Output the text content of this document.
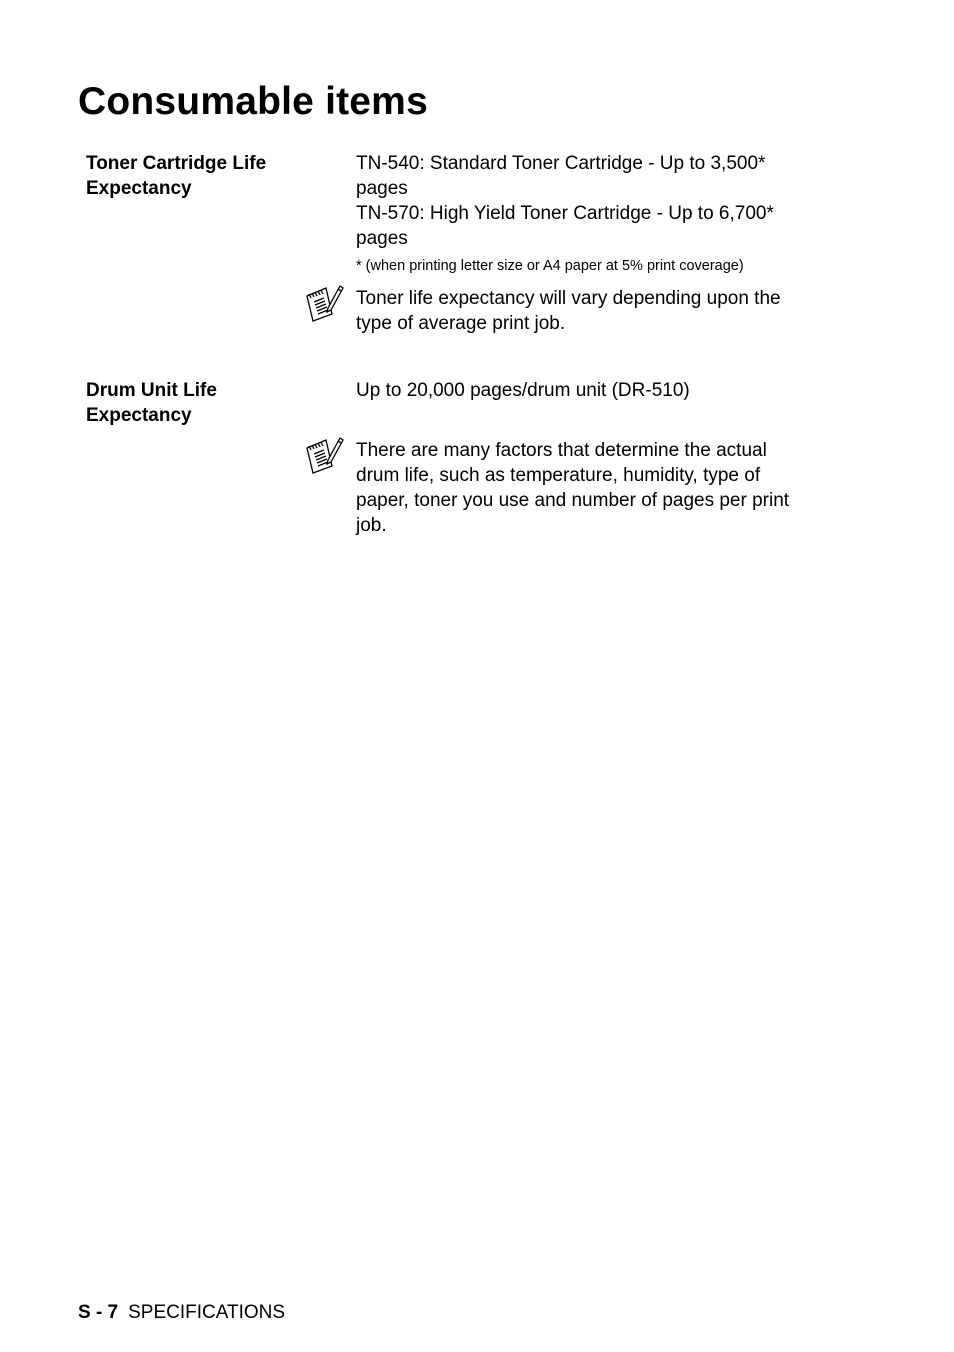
Consumable items
Toner Cartridge Life
Expectancy
TN-540: Standard Toner Cartridge - Up to 3,500*
pages
TN-570: High Yield Toner Cartridge - Up to 6,700*
pages
* (when printing letter size or A4 paper at 5% print coverage)
Toner life expectancy will vary depending upon the
type of average print job.
Drum Unit Life
Expectancy
Up to 20,000 pages/drum unit (DR-510)
There are many factors that determine the actual
drum life, such as temperature, humidity, type of
paper, toner you use and number of pages per print
job.
S - 7 SPECIFICATIONS
